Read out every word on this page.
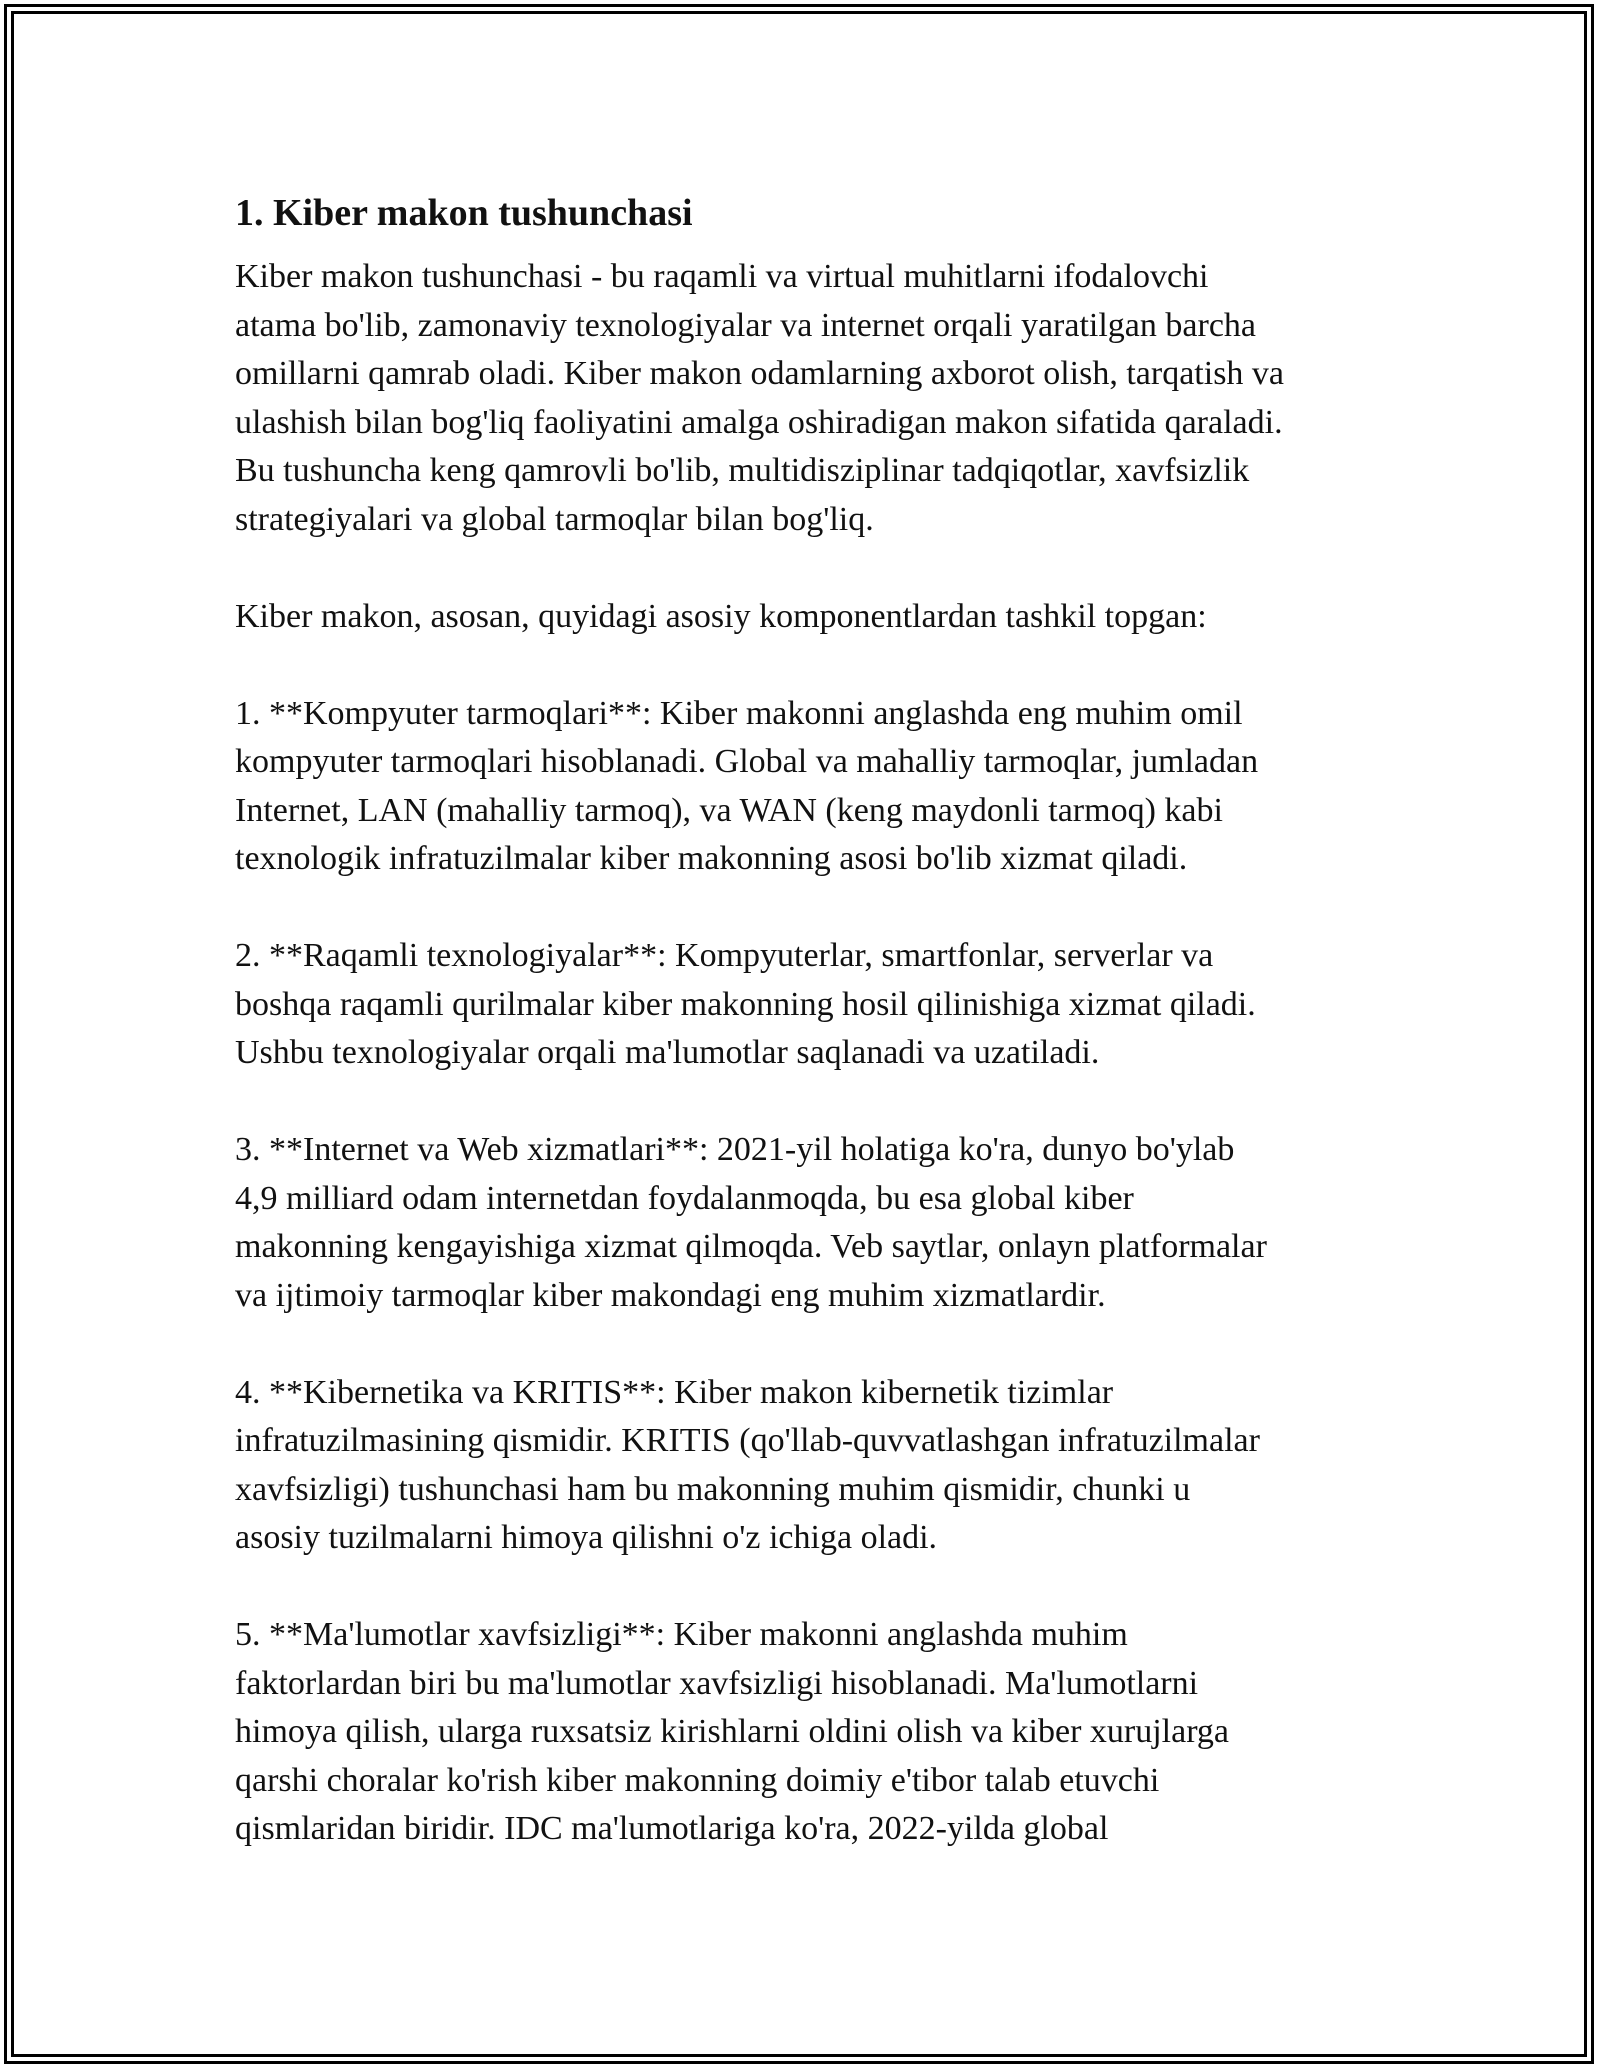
1. Kiber makon tushunchasi

Kiber makon tushunchasi - bu raqamli va virtual muhitlarni ifodalovchi
atama bo'lib, zamonaviy texnologiyalar va internet orqali yaratilgan barcha
omillarni qamrab oladi. Kiber makon odamlarning axborot olish, tarqatish va
ulashish bilan bog'liq faoliyatini amalga oshiradigan makon sifatida qaraladi.
Bu tushuncha keng qamrovli bo'lib, multidisziplinar tadqiqotlar, xavfsizlik
strategiyalari va global tarmoqlar bilan bog'liq.

Kiber makon, asosan, quyidagi asosiy komponentlardan tashkil topgan:

1. **Kompyuter tarmoqlari**: Kiber makonni anglashda eng muhim omil
kompyuter tarmoqlari hisoblanadi. Global va mahalliy tarmoqlar, jumladan
Internet, LAN (mahalliy tarmoq), va WAN (keng maydonli tarmoq) kabi
texnologik infratuzilmalar kiber makonning asosi bo'lib xizmat qiladi.

2. **Raqamli texnologiyalar**: Kompyuterlar, smartfonlar, serverlar va
boshqa raqamli qurilmalar kiber makonning hosil qilinishiga xizmat qiladi.
Ushbu texnologiyalar orqali ma'lumotlar saqlanadi va uzatiladi.

3. **Internet va Web xizmatlari**: 2021-yil holatiga ko'ra, dunyo bo'ylab
4,9 milliard odam internetdan foydalanmoqda, bu esa global kiber
makonning kengayishiga xizmat qilmoqda. Veb saytlar, onlayn platformalar
va ijtimoiy tarmoqlar kiber makondagi eng muhim xizmatlardir.

4. **Kibernetika va KRITIS**: Kiber makon kibernetik tizimlar
infratuzilmasining qismidir. KRITIS (qo'llab-quvvatlashgan infratuzilmalar
xavfsizligi) tushunchasi ham bu makonning muhim qismidir, chunki u
asosiy tuzilmalarni himoya qilishni o'z ichiga oladi.

5. **Ma'lumotlar xavfsizligi**: Kiber makonni anglashda muhim
faktorlardan biri bu ma'lumotlar xavfsizligi hisoblanadi. Ma'lumotlarni
himoya qilish, ularga ruxsatsiz kirishlarni oldini olish va kiber xurujlarga
qarshi choralar ko'rish kiber makonning doimiy e'tibor talab etuvchi
qismlaridan biridir. IDC ma'lumotlariga ko'ra, 2022-yilda global
